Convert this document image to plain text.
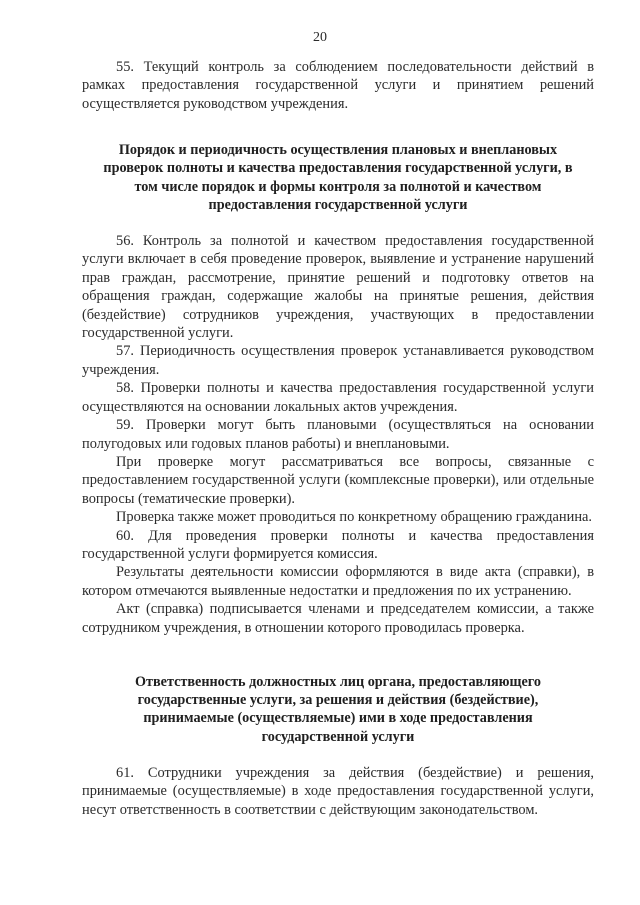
20

55. Текущий контроль за соблюдением последовательности действий в рамках предоставления государственной услуги и принятием решений осуществляется руководством учреждения.

Порядок и периодичность осуществления плановых и внеплановых проверок полноты и качества предоставления государственной услуги, в том числе порядок и формы контроля за полнотой и качеством предоставления государственной услуги

56. Контроль за полнотой и качеством предоставления государственной услуги включает в себя проведение проверок, выявление и устранение нарушений прав граждан, рассмотрение, принятие решений и подготовку ответов на обращения граждан, содержащие жалобы на принятые решения, действия (бездействие) сотрудников учреждения, участвующих в предоставлении государственной услуги.

57. Периодичность осуществления проверок устанавливается руководством учреждения.

58. Проверки полноты и качества предоставления государственной услуги осуществляются на основании локальных актов учреждения.

59. Проверки могут быть плановыми (осуществляться на основании полугодовых или годовых планов работы) и внеплановыми.

При проверке могут рассматриваться все вопросы, связанные с предоставлением государственной услуги (комплексные проверки), или отдельные вопросы (тематические проверки).

Проверка также может проводиться по конкретному обращению гражданина.

60. Для проведения проверки полноты и качества предоставления государственной услуги формируется комиссия.

Результаты деятельности комиссии оформляются в виде акта (справки), в котором отмечаются выявленные недостатки и предложения по их устранению.

Акт (справка) подписывается членами и председателем комиссии, а также сотрудником учреждения, в отношении которого проводилась проверка.

Ответственность должностных лиц органа, предоставляющего государственные услуги, за решения и действия (бездействие), принимаемые (осуществляемые) ими в ходе предоставления государственной услуги

61. Сотрудники учреждения за действия (бездействие) и решения, принимаемые (осуществляемые) в ходе предоставления государственной услуги, несут ответственность в соответствии с действующим законодательством.
